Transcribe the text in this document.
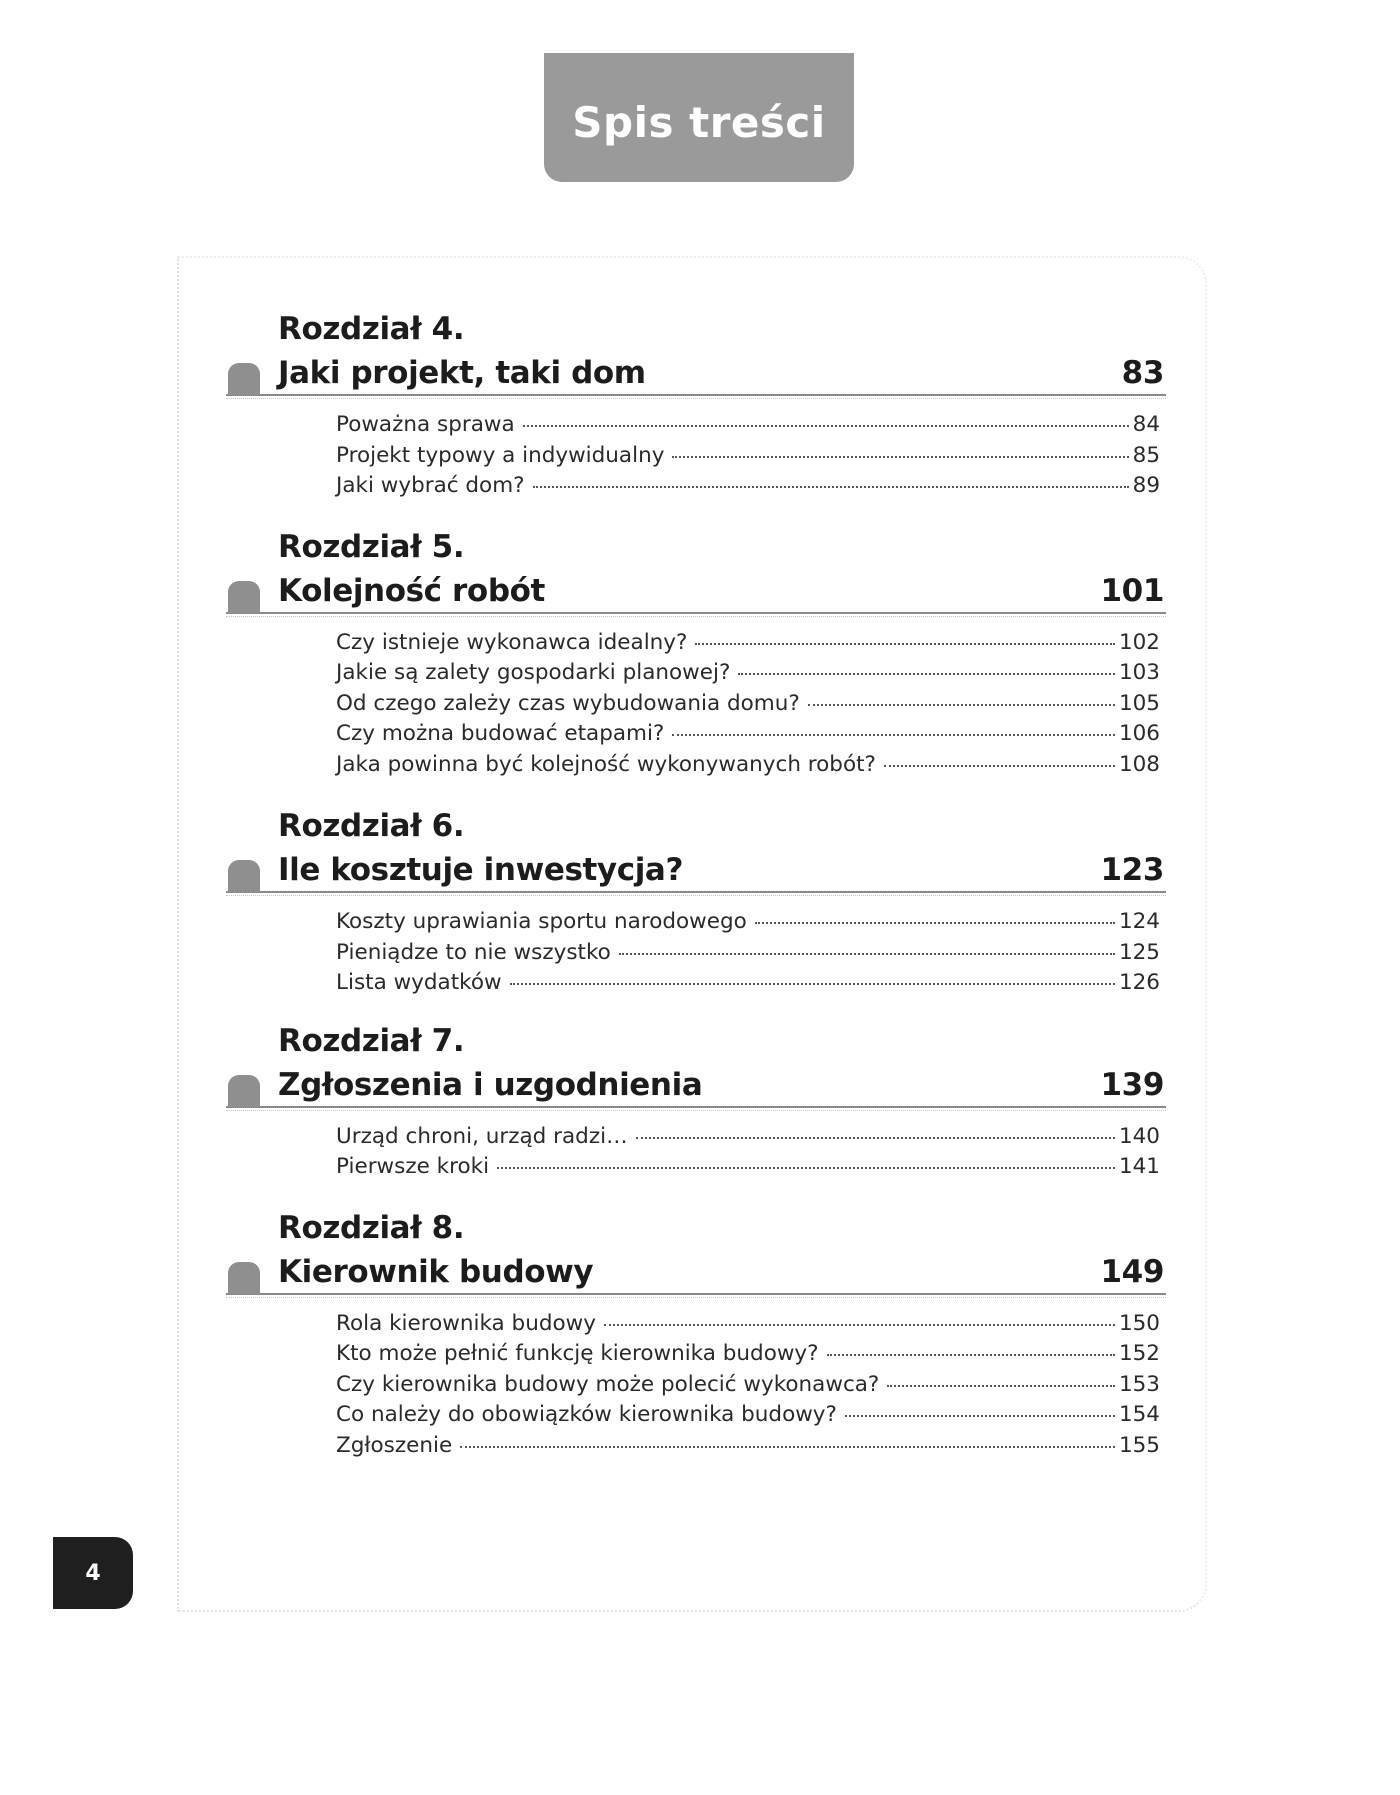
Spis treści
Rozdział 4.
Jaki projekt, taki dom	83
Poważna sprawa	84
Projekt typowy a indywidualny	85
Jaki wybrać dom?	89
Rozdział 5.
Kolejność robót	101
Czy istnieje wykonawca idealny?	102
Jakie są zalety gospodarki planowej?	103
Od czego zależy czas wybudowania domu?	105
Czy można budować etapami?	106
Jaka powinna być kolejność wykonywanych robót?	108
Rozdział 6.
Ile kosztuje inwestycja?	123
Koszty uprawiania sportu narodowego	124
Pieniądze to nie wszystko	125
Lista wydatków	126
Rozdział 7.
Zgłoszenia i uzgodnienia	139
Urząd chroni, urząd radzi…	140
Pierwsze kroki	141
Rozdział 8.
Kierownik budowy	149
Rola kierownika budowy	150
Kto może pełnić funkcję kierownika budowy?	152
Czy kierownika budowy może polecić wykonawca?	153
Co należy do obowiązków kierownika budowy?	154
Zgłoszenie	155
4
